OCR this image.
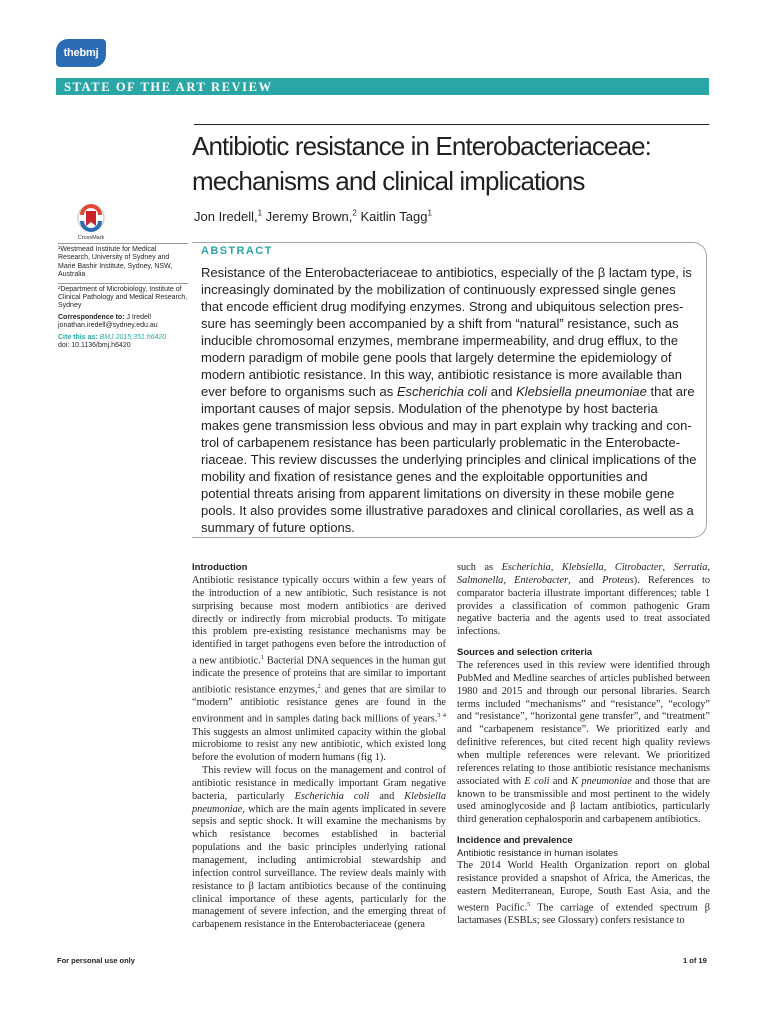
thebmj
STATE OF THE ART REVIEW
Antibiotic resistance in Enterobacteriaceae:
mechanisms and clinical implications
Jon Iredell,$^1$ Jeremy Brown,$^2$ Kaitlin Tagg$^1$
CrossMark

¹Westmead Institute for Medical Research, University of Sydney and Marie Bashir Institute, Sydney, NSW, Australia

²Department of Microbiology, Institute of Clinical Pathology and Medical Research, Sydney

Correspondence to: J Iredell

jonathan.iredell@sydney.edu.au

Cite this as: BMJ 2015;351:h6420

doi: 10.1136/bmj.h6420

ABSTRACT
Resistance of the Enterobacteriaceae to antibiotics, especially of the β lactam type, is increasingly dominated by the mobilization of continuously expressed single genes that encode efficient drug modifying enzymes. Strong and ubiquitous selection pressure has seemingly been accompanied by a shift from “natural” resistance, such as inducible chromosomal enzymes, membrane impermeability, and drug efflux, to the modern paradigm of mobile gene pools that largely determine the epidemiology of modern antibiotic resistance. In this way, antibiotic resistance is more available than ever before to organisms such as Escherichia coli and Klebsiella pneumoniae that are important causes of major sepsis. Modulation of the phenotype by host bacteria makes gene transmission less obvious and may in part explain why tracking and control of carbapenem resistance has been particularly problematic in the Enterobacteriaceae. This review discusses the underlying principles and clinical implications of the mobility and fixation of resistance genes and the exploitable opportunities and potential threats arising from apparent limitations on diversity in these mobile gene pools. It also provides some illustrative paradoxes and clinical corollaries, as well as a summary of future options.
Introduction

Antibiotic resistance typically occurs within a few years of the introduction of a new antibiotic. Such resistance is not surprising because most modern antibiotics are derived directly or indirectly from microbial products. To mitigate this problem pre-existing resistance mechanisms may be identified in target pathogens even before the introduction of a new antibiotic.$^1$ Bacterial DNA sequences in the human gut indicate the presence of proteins that are similar to important antibiotic resistance enzymes,$^2$ and genes that are similar to “modern” antibiotic resistance genes are found in the environment and in samples dating back millions of years.$^{3 4}$ This suggests an almost unlimited capacity within the global microbiome to resist any new antibiotic, which existed long before the evolution of modern humans (fig 1).

This review will focus on the management and control of antibiotic resistance in medically important Gram negative bacteria, particularly Escherichia coli and Klebsiella pneumoniae, which are the main agents implicated in severe sepsis and septic shock. It will examine the mechanisms by which resistance becomes established in bacterial populations and the basic principles underlying rational management, including antimicrobial stewardship and infection control surveillance. The review deals mainly with resistance to β lactam antibiotics because of the continuing clinical importance of these agents, particularly for the management of severe infection, and the emerging threat of carbapenem resistance in the Enterobacteriaceae (genera

such as Escherichia, Klebsiella, Citrobacter, Serratia, Salmonella, Enterobacter, and Proteus). References to comparator bacteria illustrate important differences; table 1 provides a classification of common pathogenic Gram negative bacteria and the agents used to treat associated infections.

Sources and selection criteria

The references used in this review were identified through PubMed and Medline searches of articles published between 1980 and 2015 and through our personal libraries. Search terms included “mechanisms” and “resistance”, “ecology” and “resistance”, “horizontal gene transfer”, and “treatment” and “carbapenem resistance”. We prioritized early and definitive references, but cited recent high quality reviews when multiple references were relevant. We prioritized references relating to those antibiotic resistance mechanisms associated with E coli and K pneumoniae and those that are known to be transmissible and most pertinent to the widely used aminoglycoside and β lactam antibiotics, particularly third generation cephalosporin and carbapenem antibiotics.

Incidence and prevalence
Antibiotic resistance in human isolates

The 2014 World Health Organization report on global resistance provided a snapshot of Africa, the Americas, the eastern Mediterranean, Europe, South East Asia, and the western Pacific.$^5$ The carriage of extended spectrum β lactamases (ESBLs; see Glossary) confers resistance to

For personal use only	1 of 19
